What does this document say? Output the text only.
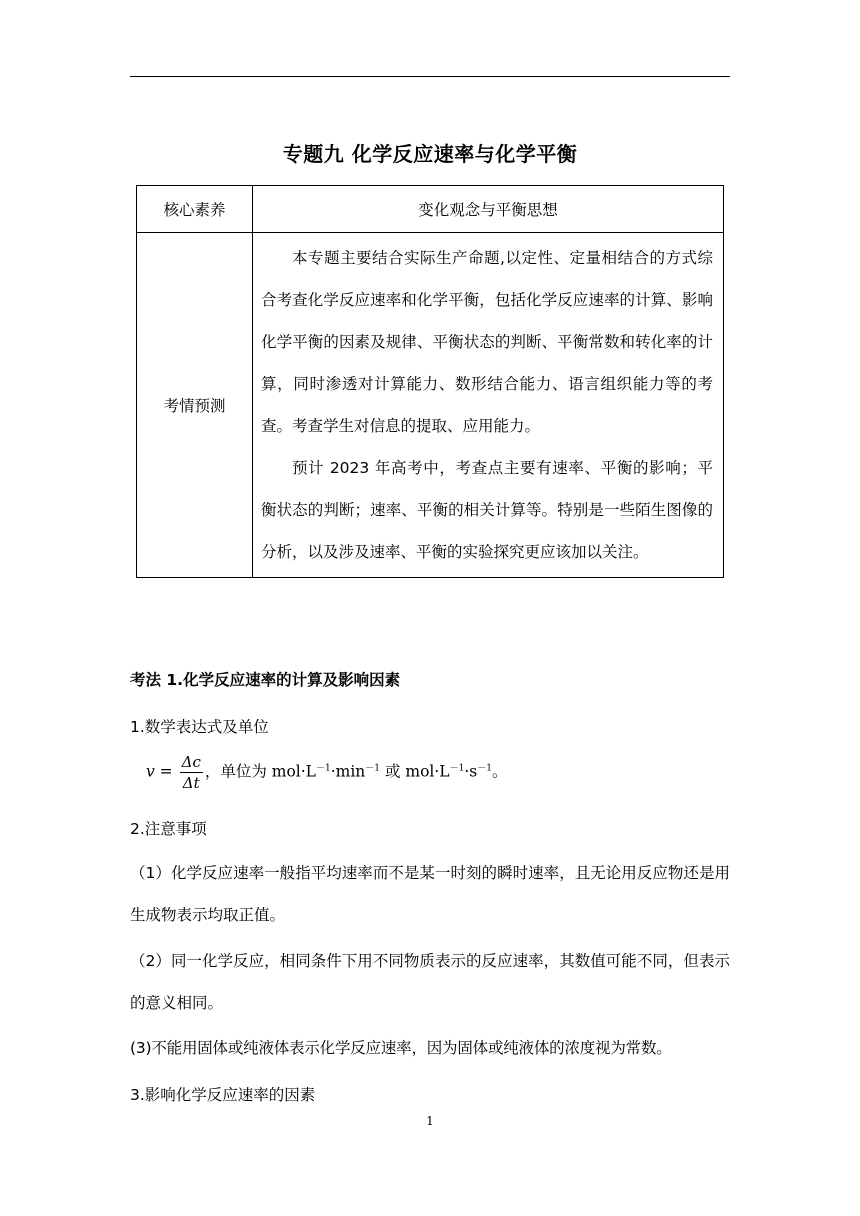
专题九 化学反应速率与化学平衡
核心素养	变化观念与平衡思想
考情预测	本专题主要结合实际生产命题,以定性、定量相结合的方式综合考查化学反应速率和化学平衡，包括化学反应速率的计算、影响化学平衡的因素及规律、平衡状态的判断、平衡常数和转化率的计算，同时渗透对计算能力、数形结合能力、语言组织能力等的考查。考查学生对信息的提取、应用能力。
预计 2023 年高考中，考查点主要有速率、平衡的影响；平衡状态的判断；速率、平衡的相关计算等。特别是一些陌生图像的分析，以及涉及速率、平衡的实验探究更应该加以关注。
考法 1.化学反应速率的计算及影响因素
1.数学表达式及单位
$v = \frac{\Delta c}{\Delta t}$ ，单位为 $mol\cdot L^{-1}\cdot\min^{-1}$ 或 $mol\cdot L^{-1}\cdot s^{-1}$。
2.注意事项
（1）化学反应速率一般指平均速率而不是某一时刻的瞬时速率，且无论用反应物还是用生成物表示均取正值。
（2）同一化学反应，相同条件下用不同物质表示的反应速率，其数值可能不同，但表示的意义相同。
(3)不能用固体或纯液体表示化学反应速率，因为固体或纯液体的浓度视为常数。
3.影响化学反应速率的因素
1
